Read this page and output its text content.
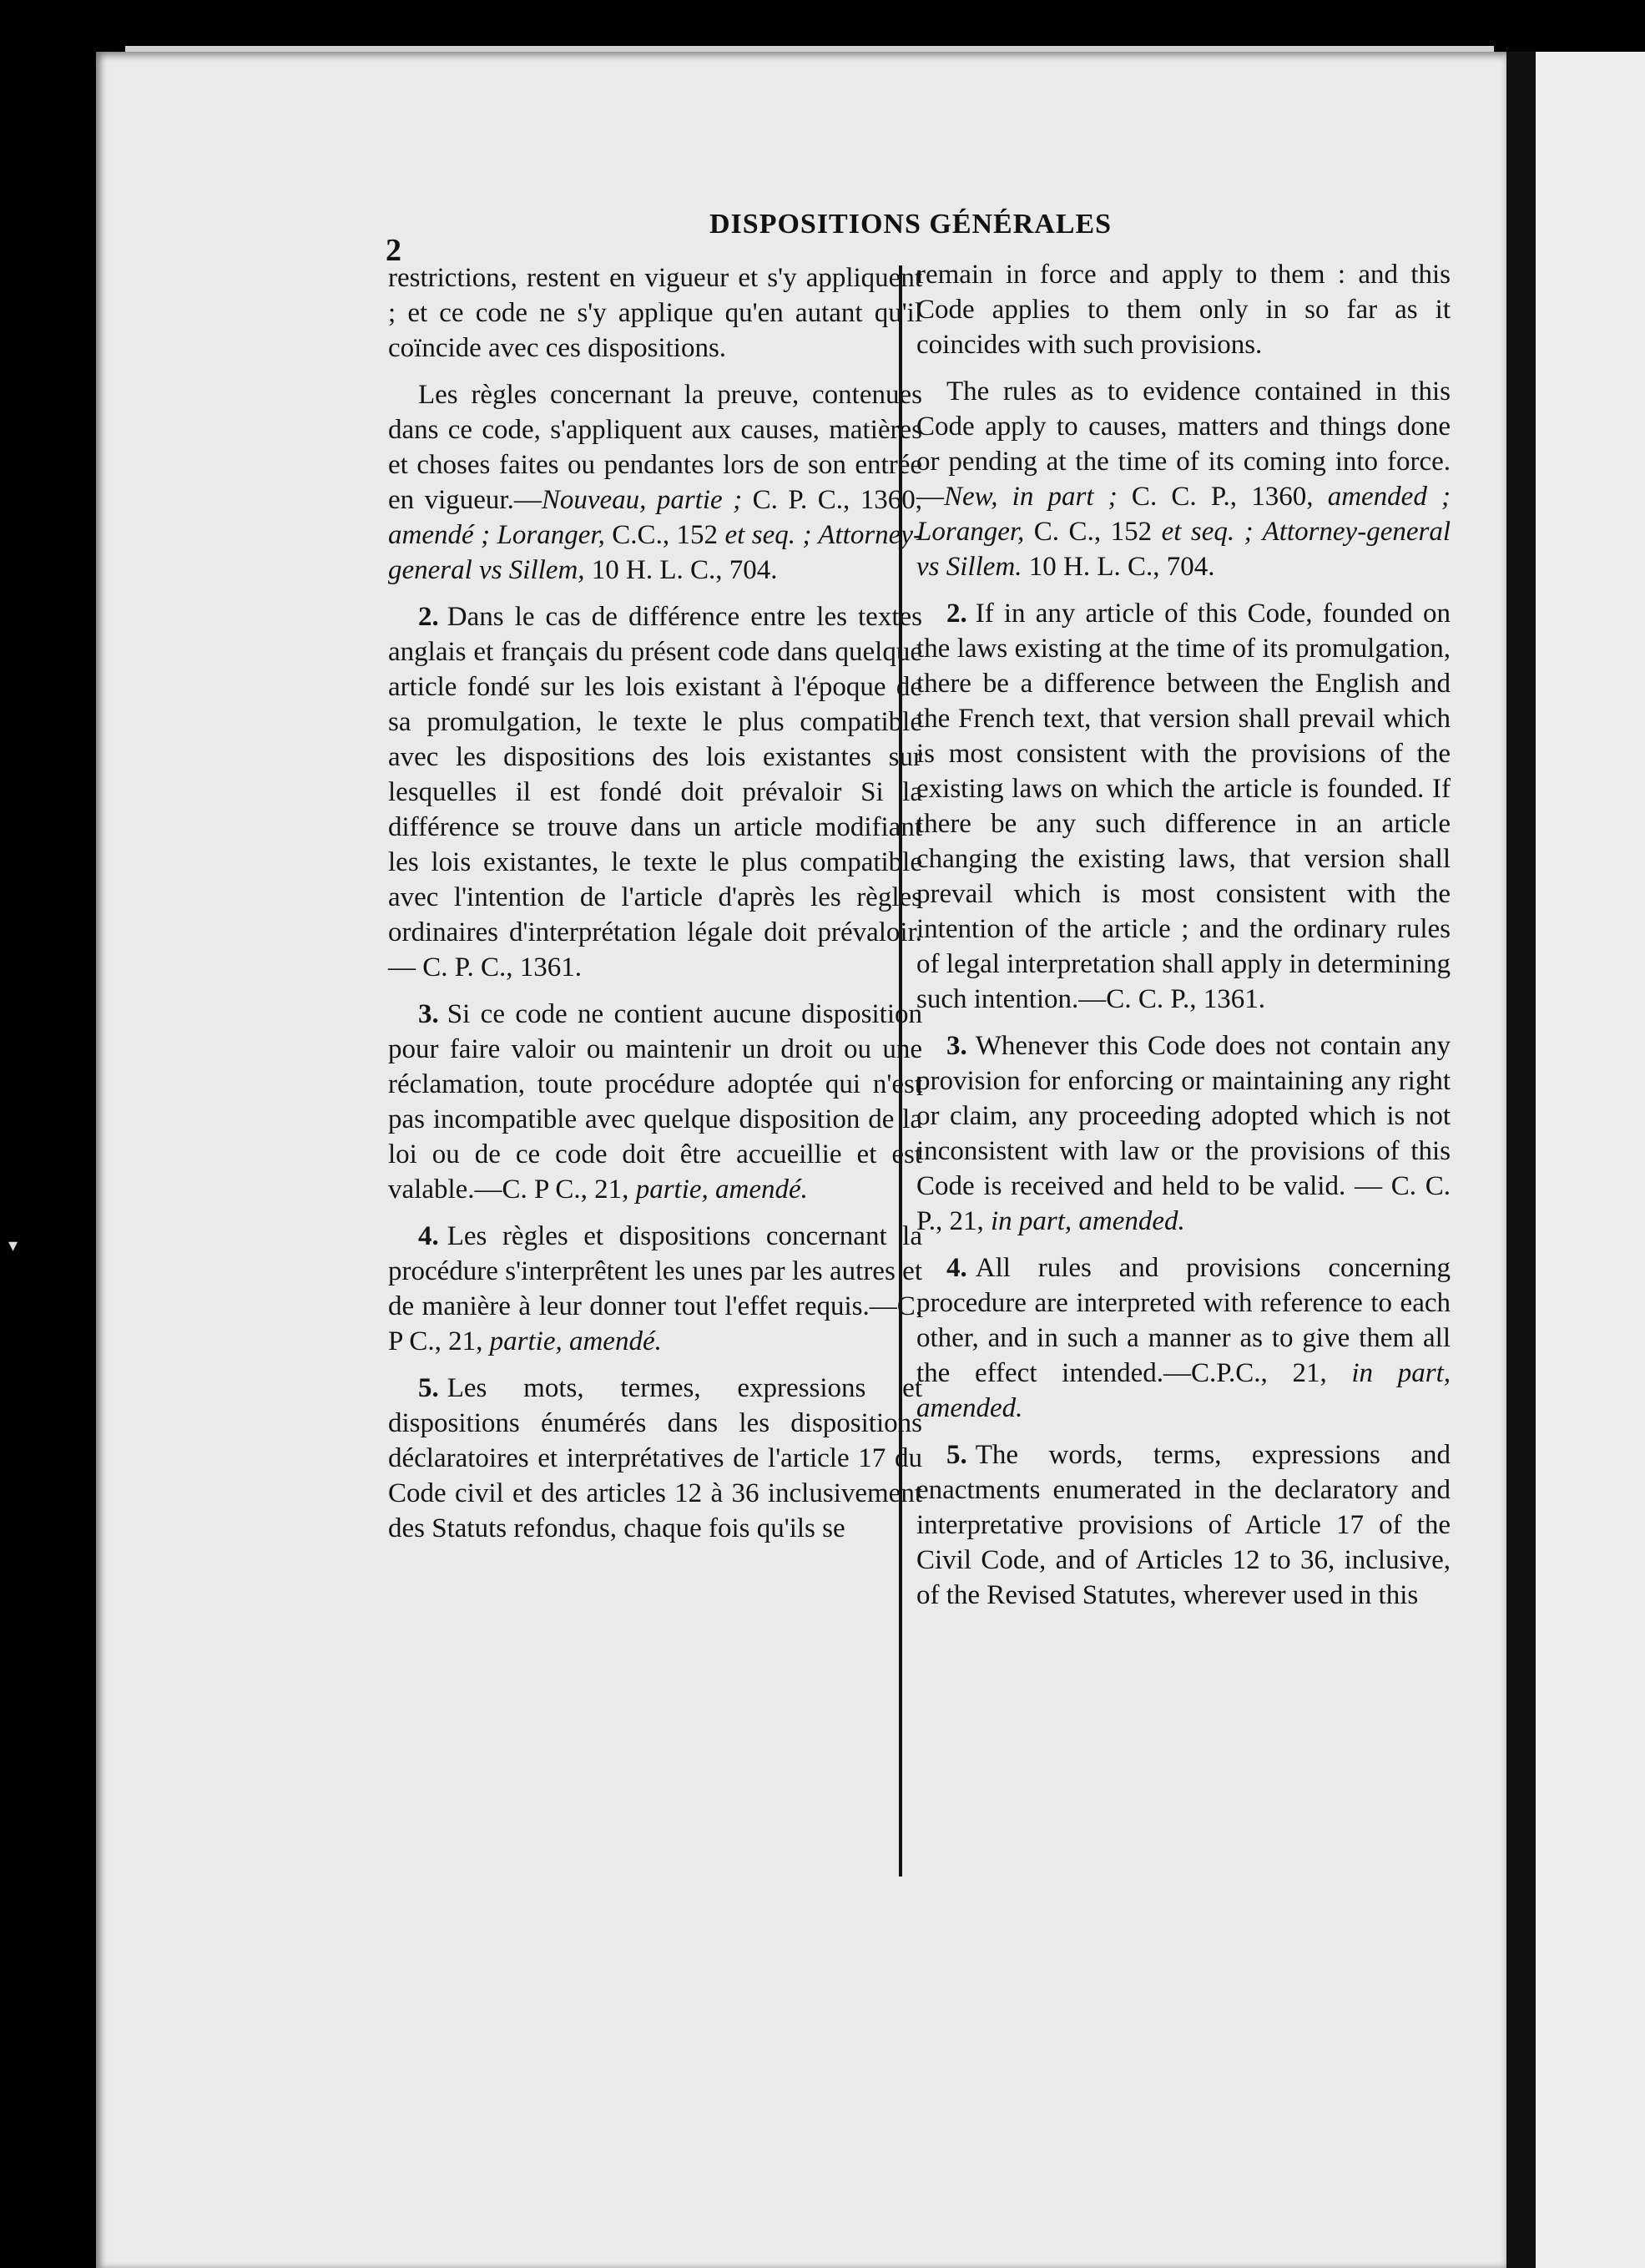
▾
2
DISPOSITIONS GÉNÉRALES

restrictions, restent en vigueur et s'y appliquent ; et ce code ne s'y applique qu'en autant qu'il coïncide avec ces dispositions.

Les règles concernant la preuve, contenues dans ce code, s'appliquent aux causes, matières et choses faites ou pendantes lors de son entrée en vigueur.—Nouveau, partie ; C. P. C., 1360, amendé ; Loranger, C.C., 152 et seq. ; Attorney-general vs Sillem, 10 H. L. C., 704.

2. Dans le cas de différence entre les textes anglais et français du présent code dans quelque article fondé sur les lois existant à l'époque de sa promulgation, le texte le plus compatible avec les dispositions des lois existantes sur lesquelles il est fondé doit prévaloir Si la différence se trouve dans un article modifiant les lois existantes, le texte le plus compatible avec l'intention de l'article d'après les règles ordinaires d'interprétation légale doit prévaloir. — C. P. C., 1361.

3. Si ce code ne contient aucune disposition pour faire valoir ou maintenir un droit ou une réclamation, toute procédure adoptée qui n'est pas incompatible avec quelque disposition de la loi ou de ce code doit être accueillie et est valable.—C. P C., 21, partie, amendé.

4. Les règles et dispositions concernant la procédure s'interprêtent les unes par les autres et de manière à leur donner tout l'effet requis.—C. P C., 21, partie, amendé.

5. Les mots, termes, expressions et dispositions énumérés dans les dispositions déclaratoires et interprétatives de l'article 17 du Code civil et des articles 12 à 36 inclusivement des Statuts refondus, chaque fois qu'ils se

remain in force and apply to them : and this Code applies to them only in so far as it coincides with such provisions.

The rules as to evidence contained in this Code apply to causes, matters and things done or pending at the time of its coming into force.—New, in part ; C. C. P., 1360, amended ; Loranger, C. C., 152 et seq. ; Attorney-general vs Sillem. 10 H. L. C., 704.

2. If in any article of this Code, founded on the laws existing at the time of its promulgation, there be a difference between the English and the French text, that version shall prevail which is most consistent with the provisions of the existing laws on which the article is founded. If there be any such difference in an article changing the existing laws, that version shall prevail which is most consistent with the intention of the article ; and the ordinary rules of legal interpretation shall apply in determining such intention.—C. C. P., 1361.

3. Whenever this Code does not contain any provision for enforcing or maintaining any right or claim, any proceeding adopted which is not inconsistent with law or the provisions of this Code is received and held to be valid. — C. C. P., 21, in part, amended.

4. All rules and provisions concerning procedure are interpreted with reference to each other, and in such a manner as to give them all the effect intended.—C.P.C., 21, in part, amended.

5. The words, terms, expressions and enactments enumerated in the declaratory and interpretative provisions of Article 17 of the Civil Code, and of Articles 12 to 36, inclusive, of the Revised Statutes, wherever used in this
